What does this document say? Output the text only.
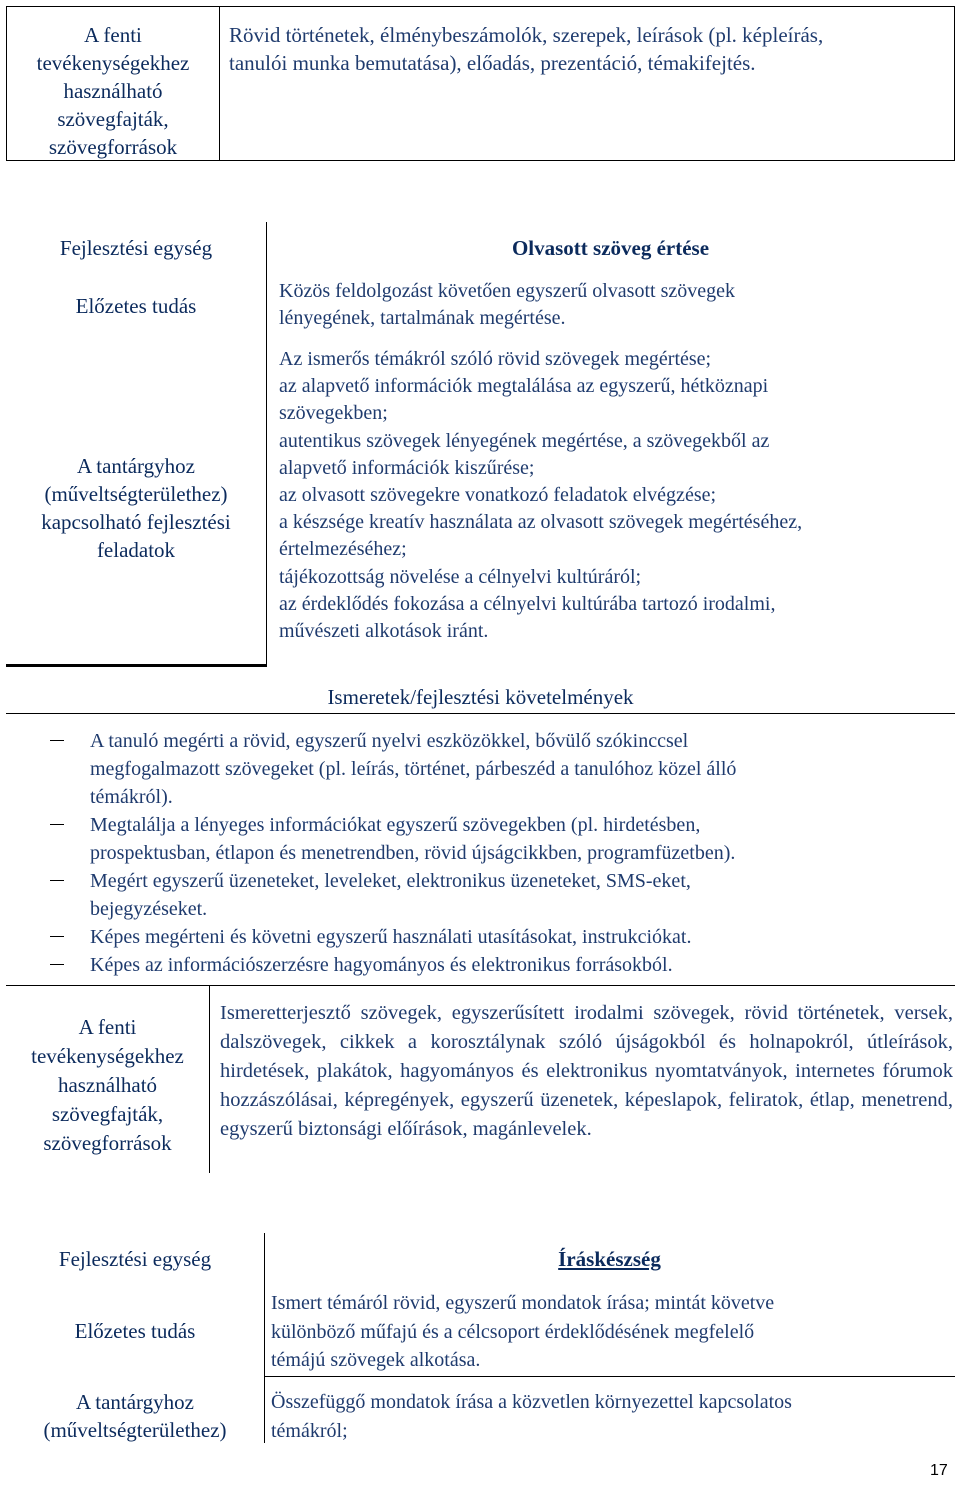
A fenti
tevékenységekhez
használható
szövegfajták,
szövegforrások
Rövid történetek, élménybeszámolók, szerepek, leírások (pl. képleírás,
tanulói munka bemutatása), előadás, prezentáció, témakifejtés.
Fejlesztési egység	Olvasott szöveg értése
Előzetes tudás
Közös feldolgozást követően egyszerű olvasott szövegek
lényegének, tartalmának megértése.
A tantárgyhoz
(műveltségterülethez)
kapcsolható fejlesztési
feladatok
Az ismerős témákról szóló rövid szövegek megértése;
az alapvető információk megtalálása az egyszerű, hétköznapi
szövegekben;
autentikus szövegek lényegének megértése, a szövegekből az
alapvető információk kiszűrése;
az olvasott szövegekre vonatkozó feladatok elvégzése;
a készsége kreatív használata az olvasott szövegek megértéséhez,
értelmezéséhez;
tájékozottság növelése a célnyelvi kultúráról;
az érdeklődés fokozása a célnyelvi kultúrába tartozó irodalmi,
művészeti alkotások iránt.
Ismeretek/fejlesztési követelmények
A tanuló megérti a rövid, egyszerű nyelvi eszközökkel, bővülő szókinccsel
megfogalmazott szövegeket (pl. leírás, történet, párbeszéd a tanulóhoz közel álló
témákról).
Megtalálja a lényeges információkat egyszerű szövegekben (pl. hirdetésben,
prospektusban, étlapon és menetrendben, rövid újságcikkben, programfüzetben).
Megért egyszerű üzeneteket, leveleket, elektronikus üzeneteket, SMS-eket,
bejegyzéseket.
Képes megérteni és követni egyszerű használati utasításokat, instrukciókat.
Képes az információszerzésre hagyományos és elektronikus forrásokból.
A fenti
tevékenységekhez
használható
szövegfajták,
szövegforrások
Ismeretterjesztő szövegek, egyszerűsített irodalmi szövegek, rövid történetek, versek, dalszövegek, cikkek a korosztálynak szóló újságokból és holnapokról, útleírások, hirdetések, plakátok, hagyományos és elektronikus nyomtatványok, internetes fórumok hozzászólásai, képregények, egyszerű üzenetek, képeslapok, feliratok, étlap, menetrend, egyszerű biztonsági előírások, magánlevelek.
Fejlesztési egység	Íráskészség
Előzetes tudás
Ismert témáról rövid, egyszerű mondatok írása; mintát követve
különböző műfajú és a célcsoport érdeklődésének megfelelő
témájú szövegek alkotása.
A tantárgyhoz
(műveltségterülethez)
Összefüggő mondatok írása a közvetlen környezettel kapcsolatos
témákról;
17
